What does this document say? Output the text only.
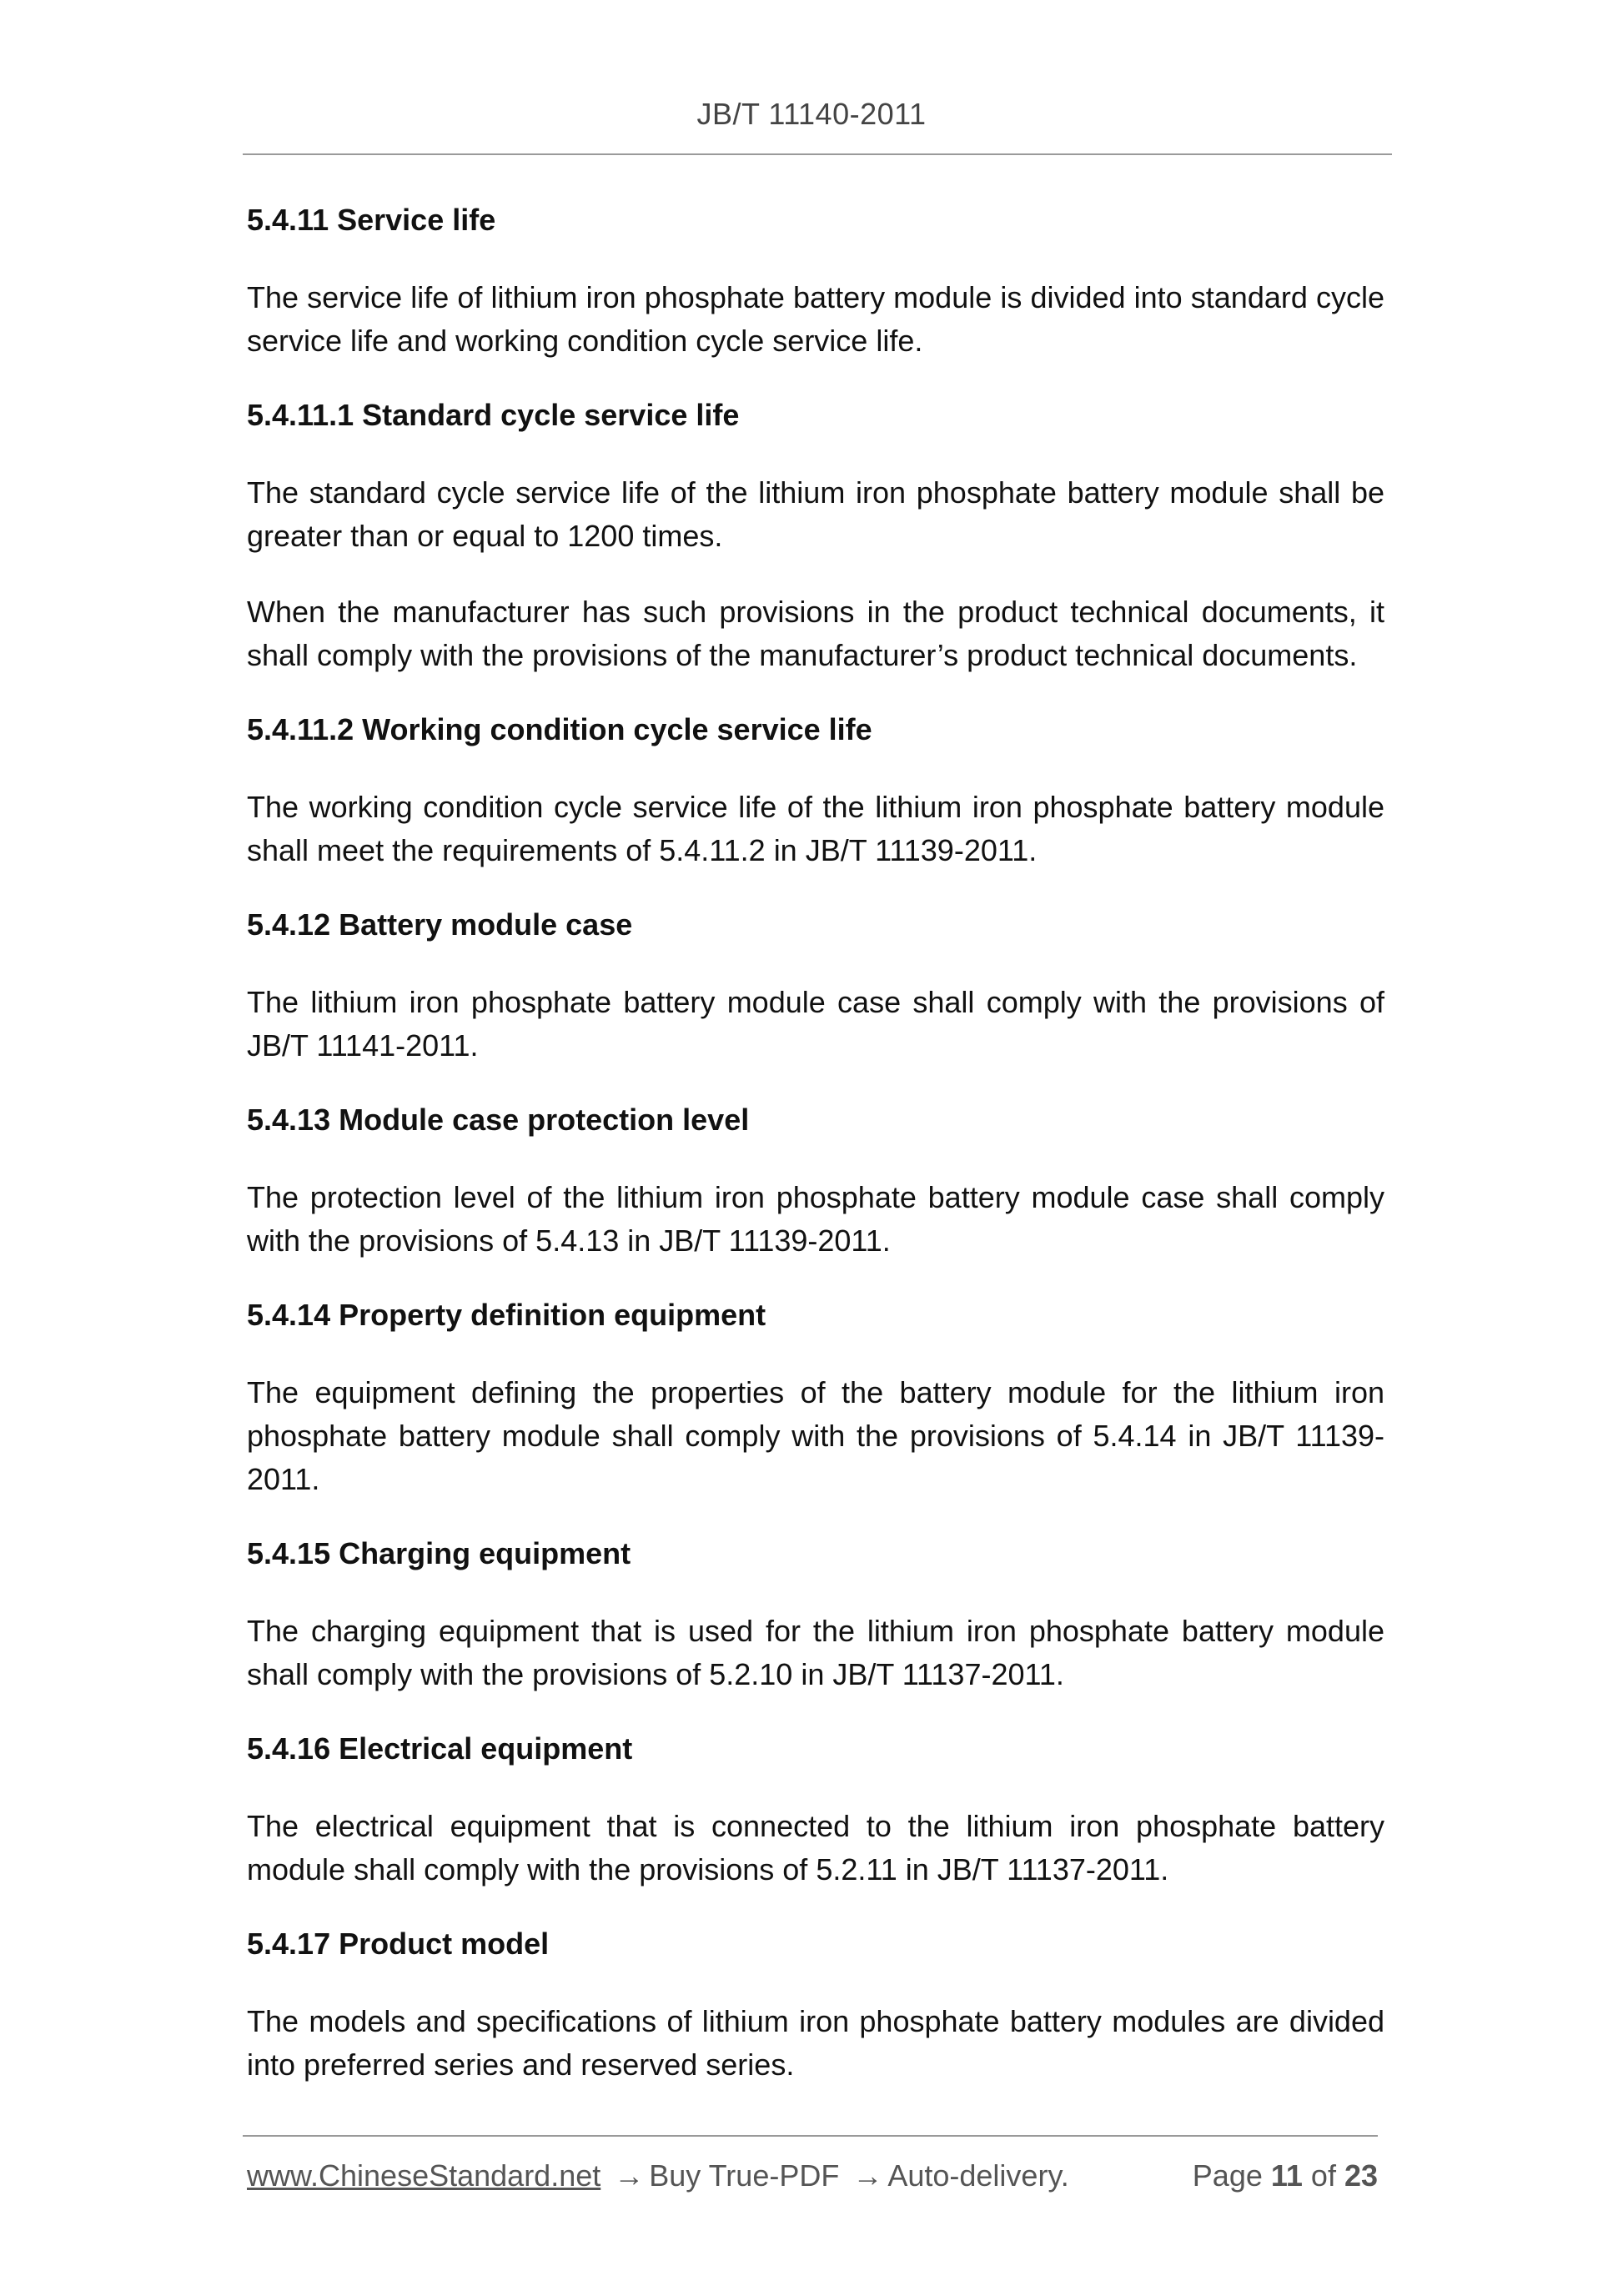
JB/T 11140-2011
5.4.11 Service life
The service life of lithium iron phosphate battery module is divided into standard cycle service life and working condition cycle service life.
5.4.11.1 Standard cycle service life
The standard cycle service life of the lithium iron phosphate battery module shall be greater than or equal to 1200 times.
When the manufacturer has such provisions in the product technical documents, it shall comply with the provisions of the manufacturer’s product technical documents.
5.4.11.2 Working condition cycle service life
The working condition cycle service life of the lithium iron phosphate battery module shall meet the requirements of 5.4.11.2 in JB/T 11139-2011.
5.4.12 Battery module case
The lithium iron phosphate battery module case shall comply with the provisions of JB/T 11141-2011.
5.4.13 Module case protection level
The protection level of the lithium iron phosphate battery module case shall comply with the provisions of 5.4.13 in JB/T 11139-2011.
5.4.14 Property definition equipment
The equipment defining the properties of the battery module for the lithium iron phosphate battery module shall comply with the provisions of 5.4.14 in JB/T 11139-2011.
5.4.15 Charging equipment
The charging equipment that is used for the lithium iron phosphate battery module shall comply with the provisions of 5.2.10 in JB/T 11137-2011.
5.4.16 Electrical equipment
The electrical equipment that is connected to the lithium iron phosphate battery module shall comply with the provisions of 5.2.11 in JB/T 11137-2011.
5.4.17 Product model
The models and specifications of lithium iron phosphate battery modules are divided into preferred series and reserved series.
www.ChineseStandard.net → Buy True-PDF → Auto-delivery.	Page 11 of 23
